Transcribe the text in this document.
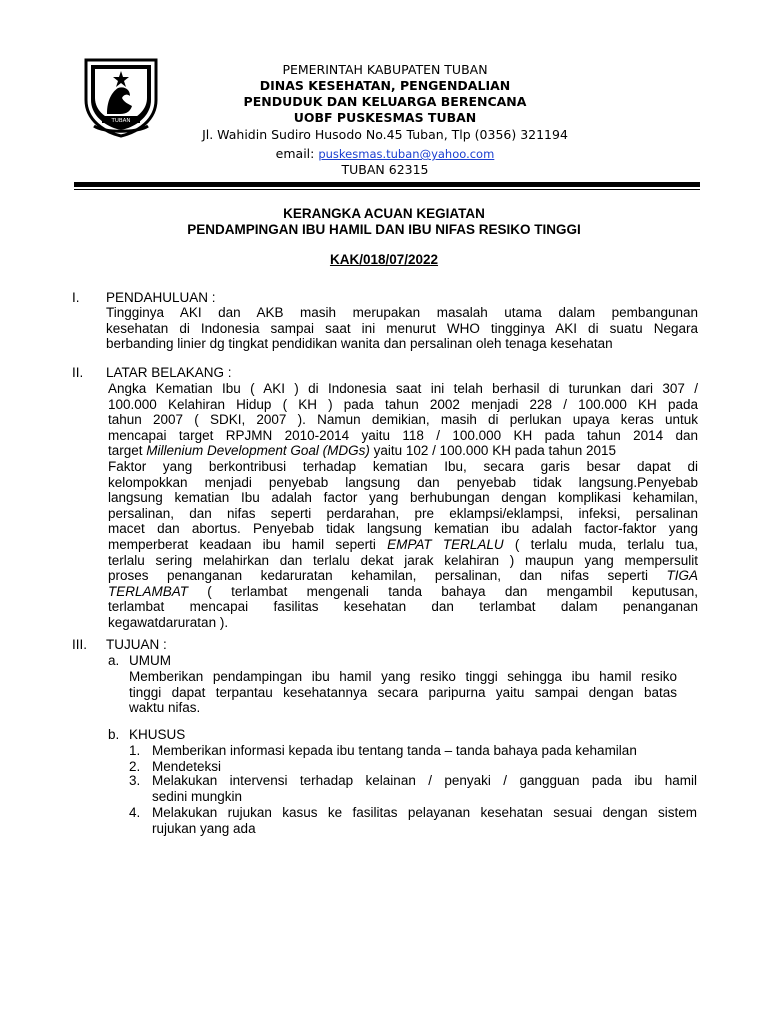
TUBAN
PEMERINTAH KABUPATEN TUBAN
DINAS KESEHATAN, PENGENDALIAN
PENDUDUK DAN KELUARGA BERENCANA
UOBF PUSKESMAS TUBAN
Jl. Wahidin Sudiro Husodo No.45 Tuban, Tlp (0356) 321194
email: puskesmas.tuban@yahoo.com
TUBAN 62315
KERANGKA ACUAN KEGIATAN
PENDAMPINGAN IBU HAMIL DAN IBU NIFAS RESIKO TINGGI
KAK/018/07/2022
I. PENDAHULUAN :
Tingginya AKI dan AKB masih merupakan masalah utama dalam pembangunan
kesehatan di Indonesia sampai saat ini menurut WHO tingginya AKI di suatu Negara
berbanding linier dg tingkat pendidikan wanita dan persalinan oleh tenaga kesehatan
II. LATAR BELAKANG :
Angka Kematian Ibu ( AKI ) di Indonesia saat ini telah berhasil di turunkan dari 307 /
100.000 Kelahiran Hidup ( KH ) pada tahun 2002 menjadi 228 / 100.000 KH pada
tahun 2007 ( SDKI, 2007 ). Namun demikian, masih di perlukan upaya keras untuk
mencapai target RPJMN 2010-2014 yaitu 118 / 100.000 KH pada tahun 2014 dan
target Millenium Development Goal (MDGs) yaitu 102 / 100.000 KH pada tahun 2015
Faktor yang berkontribusi terhadap kematian Ibu, secara garis besar dapat di
kelompokkan menjadi penyebab langsung dan penyebab tidak langsung.Penyebab
langsung kematian Ibu adalah factor yang berhubungan dengan komplikasi kehamilan,
persalinan, dan nifas seperti perdarahan, pre eklampsi/eklampsi, infeksi, persalinan
macet dan abortus. Penyebab tidak langsung kematian ibu adalah factor-faktor yang
memperberat keadaan ibu hamil seperti EMPAT TERLALU ( terlalu muda, terlalu tua,
terlalu sering melahirkan dan terlalu dekat jarak kelahiran ) maupun yang mempersulit
proses penanganan kedaruratan kehamilan, persalinan, dan nifas seperti TIGA
TERLAMBAT ( terlambat mengenali tanda bahaya dan mengambil keputusan,
terlambat mencapai fasilitas kesehatan dan terlambat dalam penanganan
kegawatdaruratan ).
III. TUJUAN :
a. UMUM
Memberikan pendampingan ibu hamil yang resiko tinggi sehingga ibu hamil resiko
tinggi dapat terpantau kesehatannya secara paripurna yaitu sampai dengan batas
waktu nifas.
b. KHUSUS
1. Memberikan informasi kepada ibu tentang tanda – tanda bahaya pada kehamilan
2. Mendeteksi
3. Melakukan intervensi terhadap kelainan / penyaki / gangguan pada ibu hamil
sedini mungkin
4. Melakukan rujukan kasus ke fasilitas pelayanan kesehatan sesuai dengan sistem
rujukan yang ada
